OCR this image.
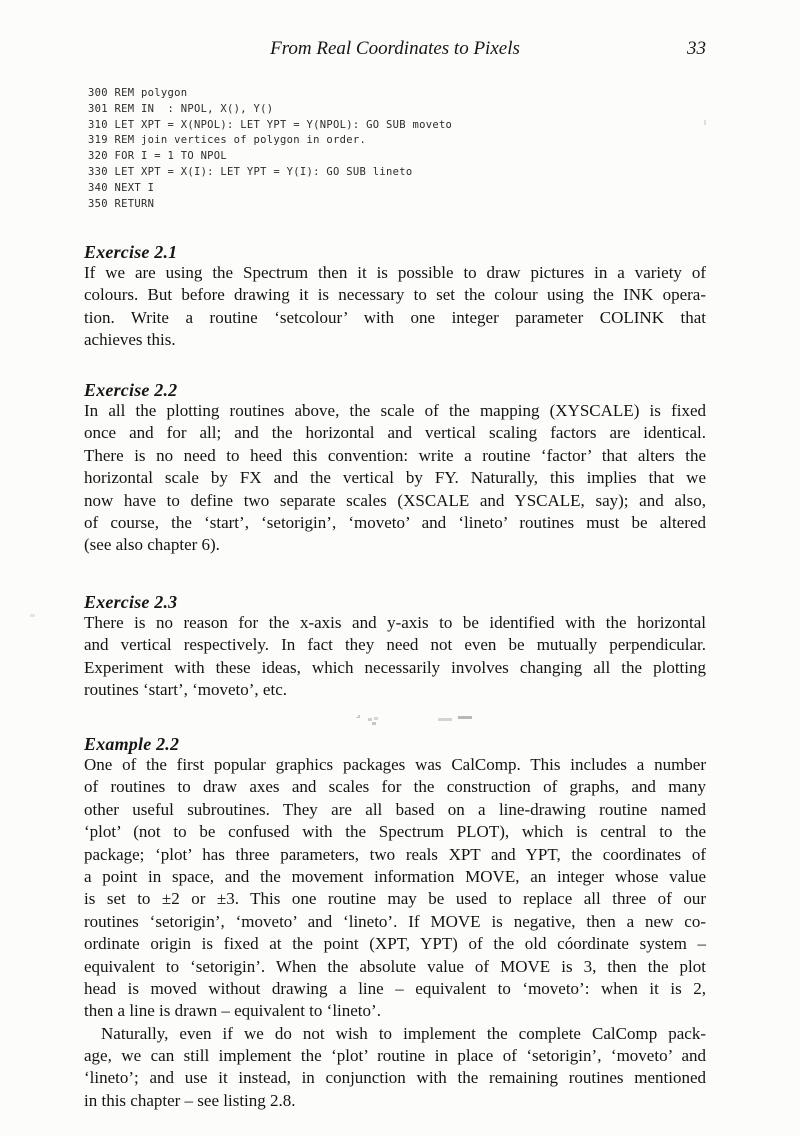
From Real Coordinates to Pixels	33
300 REM polygon
301 REM IN  : NPOL, X(), Y()
310 LET XPT = X(NPOL): LET YPT = Y(NPOL): GO SUB moveto
319 REM join vertices of polygon in order.
320 FOR I = 1 TO NPOL
330 LET XPT = X(I): LET YPT = Y(I): GO SUB lineto
340 NEXT I
350 RETURN
Exercise 2.1
If we are using the Spectrum then it is possible to draw pictures in a variety of
colours. But before drawing it is necessary to set the colour using the INK opera-
tion. Write a routine ‘setcolour’ with one integer parameter COLINK that
achieves this.
Exercise 2.2
In all the plotting routines above, the scale of the mapping (XYSCALE) is fixed
once and for all; and the horizontal and vertical scaling factors are identical.
There is no need to heed this convention: write a routine ‘factor’ that alters the
horizontal scale by FX and the vertical by FY. Naturally, this implies that we
now have to define two separate scales (XSCALE and YSCALE, say); and also,
of course, the ‘start’, ‘setorigin’, ‘moveto’ and ‘lineto’ routines must be altered
(see also chapter 6).
Exercise 2.3
There is no reason for the x-axis and y-axis to be identified with the horizontal
and vertical respectively. In fact they need not even be mutually perpendicular.
Experiment with these ideas, which necessarily involves changing all the plotting
routines ‘start’, ‘moveto’, etc.
Example 2.2
One of the first popular graphics packages was CalComp. This includes a number
of routines to draw axes and scales for the construction of graphs, and many
other useful subroutines. They are all based on a line-drawing routine named
‘plot’ (not to be confused with the Spectrum PLOT), which is central to the
package; ‘plot’ has three parameters, two reals XPT and YPT, the coordinates of
a point in space, and the movement information MOVE, an integer whose value
is set to ±2 or ±3. This one routine may be used to replace all three of our
routines ‘setorigin’, ‘moveto’ and ‘lineto’. If MOVE is negative, then a new co-
ordinate origin is fixed at the point (XPT, YPT) of the old cóordinate system –
equivalent to ‘setorigin’. When the absolute value of MOVE is 3, then the plot
head is moved without drawing a line – equivalent to ‘moveto’: when it is 2,
then a line is drawn – equivalent to ‘lineto’.
Naturally, even if we do not wish to implement the complete CalComp pack-
age, we can still implement the ‘plot’ routine in place of ‘setorigin’, ‘moveto’ and
‘lineto’; and use it instead, in conjunction with the remaining routines mentioned
in this chapter – see listing 2.8.
